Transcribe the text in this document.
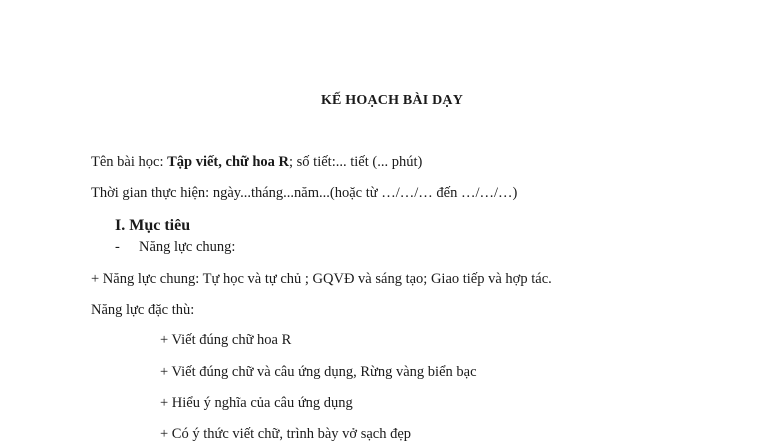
KẾ HOẠCH BÀI DẠY
Tên bài học: Tập viết, chữ hoa R; số tiết:... tiết (... phút)
Thời gian thực hiện: ngày...tháng...năm...(hoặc từ …/…/… đến …/…/…)
I. Mục tiêu
- Năng lực chung:
+ Năng lực chung: Tự học và tự chủ ; GQVĐ và sáng tạo; Giao tiếp và hợp tác.
Năng lực đặc thù:
+ Viết đúng chữ hoa R
+ Viết đúng chữ và câu ứng dụng, Rừng vàng biển bạc
+ Hiểu ý nghĩa của câu ứng dụng
+ Có ý thức viết chữ, trình bày vở sạch đẹp
